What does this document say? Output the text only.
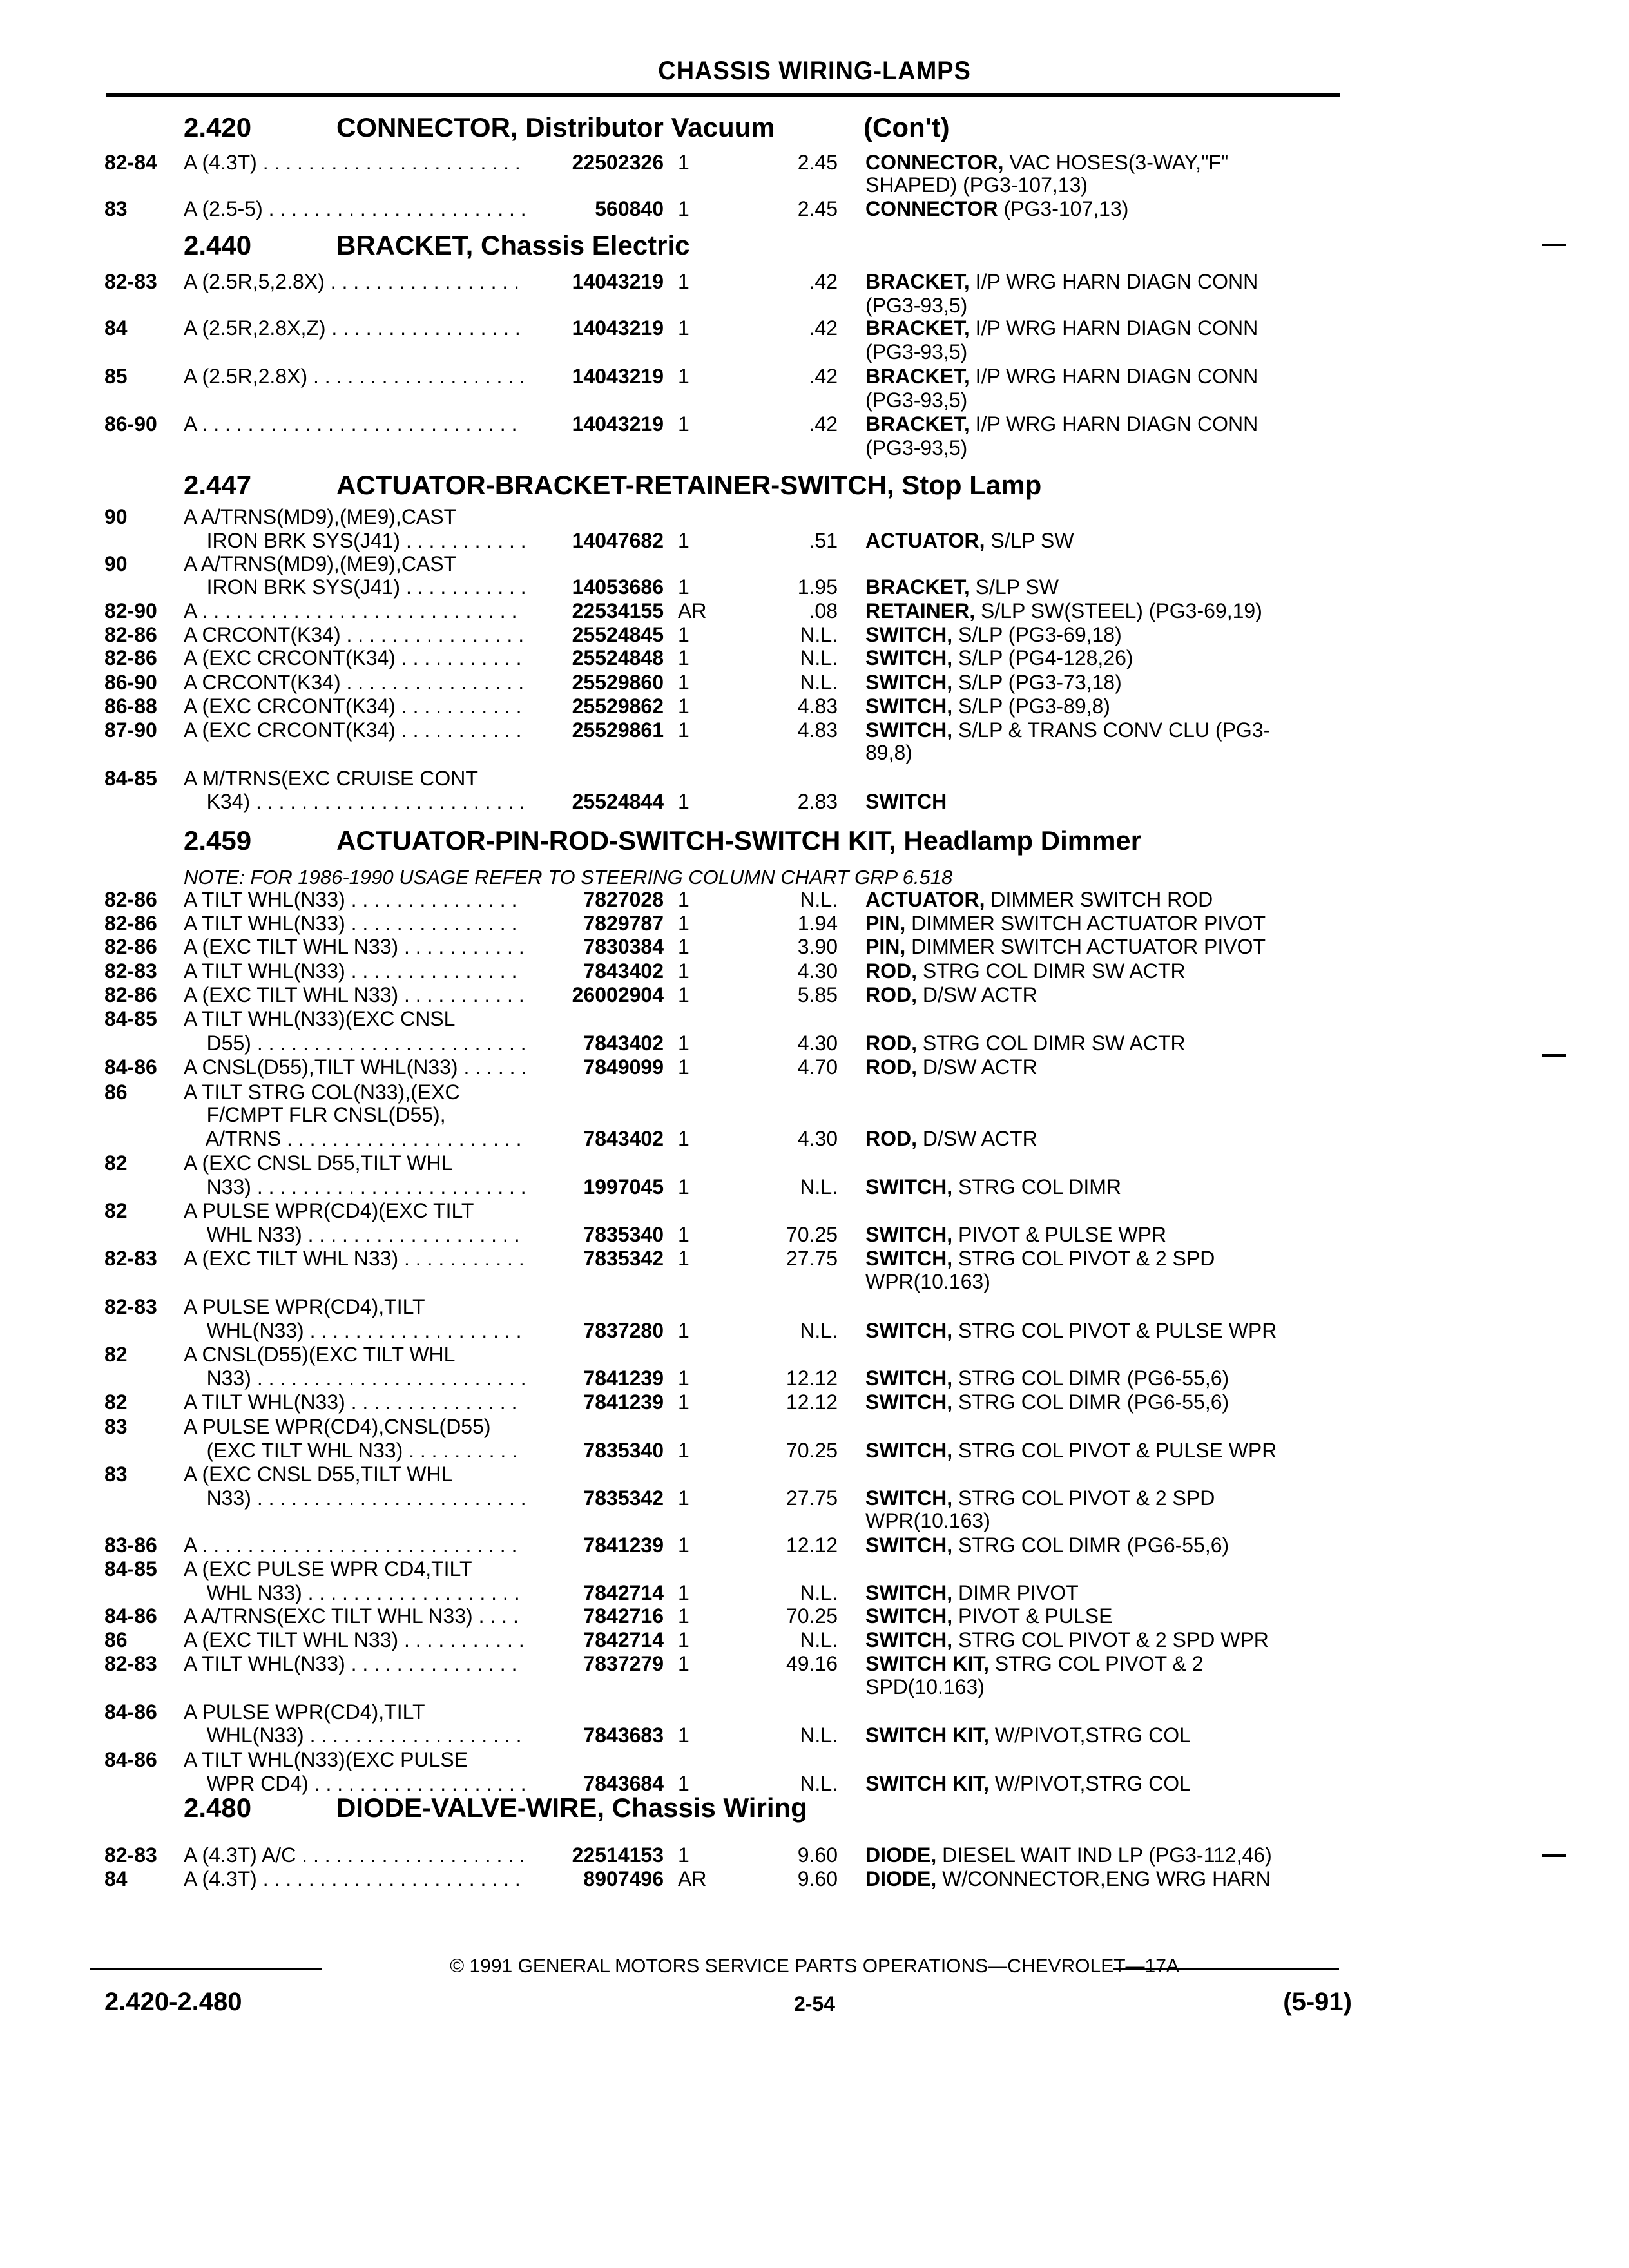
CHASSIS WIRING-LAMPS
2.420	CONNECTOR, Distributor Vacuum	(Con't)
2.440	BRACKET, Chassis Electric
2.447	ACTUATOR-BRACKET-RETAINER-SWITCH, Stop Lamp
2.459	ACTUATOR-PIN-ROD-SWITCH-SWITCH KIT, Headlamp Dimmer
2.480	DIODE-VALVE-WIRE, Chassis Wiring
NOTE: FOR 1986-1990 USAGE REFER TO STEERING COLUMN CHART GRP 6.518
82-84 A (4.3T) . . .	22502326 1	2.45 CONNECTOR, VAC HOSES(3-WAY,"F"
SHAPED) (PG3-107,13)
83	A (2.5-5) . . .	560840 1	2.45 CONNECTOR (PG3-107,13)
82-83 A (2.5R,5,2.8X) . . .	14043219 1	.42 BRACKET, I/P WRG HARN DIAGN CONN
(PG3-93,5)
84	A (2.5R,2.8X,Z) . . .	14043219 1	.42 BRACKET, I/P WRG HARN DIAGN CONN
(PG3-93,5)
85	A (2.5R,2.8X) . . .	14043219 1	.42 BRACKET, I/P WRG HARN DIAGN CONN
(PG3-93,5)
86-90 A . . .	14043219 1	.42 BRACKET, I/P WRG HARN DIAGN CONN
(PG3-93,5)
90	A A/TRNS(MD9),(ME9),CAST
IRON BRK SYS(J41) . . .	14047682 1	.51 ACTUATOR, S/LP SW
90	A A/TRNS(MD9),(ME9),CAST
IRON BRK SYS(J41) . . .	14053686 1	1.95 BRACKET, S/LP SW
82-90 A . . .	22534155 AR	.08 RETAINER, S/LP SW(STEEL) (PG3-69,19)
82-86 A CRCONT(K34) . . .	25524845 1	N.L. SWITCH, S/LP (PG3-69,18)
82-86 A (EXC CRCONT(K34) . . .	25524848 1	N.L. SWITCH, S/LP (PG4-128,26)
86-90 A CRCONT(K34) . . .	25529860 1	N.L. SWITCH, S/LP (PG3-73,18)
86-88 A (EXC CRCONT(K34) . . .	25529862 1	4.83 SWITCH, S/LP (PG3-89,8)
87-90 A (EXC CRCONT(K34) . . .	25529861 1	4.83 SWITCH, S/LP & TRANS CONV CLU (PG3-
89,8)
84-85 A M/TRNS(EXC CRUISE CONT
K34) . . .	25524844 1	2.83 SWITCH
82-86 A TILT WHL(N33) . . .	7827028 1	N.L. ACTUATOR, DIMMER SWITCH ROD
82-86 A TILT WHL(N33) . . .	7829787 1	1.94 PIN, DIMMER SWITCH ACTUATOR PIVOT
82-86 A (EXC TILT WHL N33) . . .	7830384 1	3.90 PIN, DIMMER SWITCH ACTUATOR PIVOT
82-83 A TILT WHL(N33) . . .	7843402 1	4.30 ROD, STRG COL DIMR SW ACTR
82-86 A (EXC TILT WHL N33) . . .	26002904 1	5.85 ROD, D/SW ACTR
84-85 A TILT WHL(N33)(EXC CNSL
D55) . . .	7843402 1	4.30 ROD, STRG COL DIMR SW ACTR
84-86 A CNSL(D55),TILT WHL(N33) . . .	7849099 1	4.70 ROD, D/SW ACTR
86	A TILT STRG COL(N33),(EXC
F/CMPT FLR CNSL(D55),
A/TRNS . . .	7843402 1	4.30 ROD, D/SW ACTR
82	A (EXC CNSL D55,TILT WHL
N33) . . .	1997045 1	N.L. SWITCH, STRG COL DIMR
82	A PULSE WPR(CD4)(EXC TILT
WHL N33) . . .	7835340 1	70.25 SWITCH, PIVOT & PULSE WPR
82-83 A (EXC TILT WHL N33) . . .	7835342 1	27.75 SWITCH, STRG COL PIVOT & 2 SPD
WPR(10.163)
82-83 A PULSE WPR(CD4),TILT
WHL(N33) . . .	7837280 1	N.L. SWITCH, STRG COL PIVOT & PULSE WPR
82	A CNSL(D55)(EXC TILT WHL
N33) . . .	7841239 1	12.12 SWITCH, STRG COL DIMR (PG6-55,6)
82	A TILT WHL(N33) . . .	7841239 1	12.12 SWITCH, STRG COL DIMR (PG6-55,6)
83	A PULSE WPR(CD4),CNSL(D55)
(EXC TILT WHL N33) . . .	7835340 1	70.25 SWITCH, STRG COL PIVOT & PULSE WPR
83	A (EXC CNSL D55,TILT WHL
N33) . . .	7835342 1	27.75 SWITCH, STRG COL PIVOT & 2 SPD
WPR(10.163)
83-86 A . . .	7841239 1	12.12 SWITCH, STRG COL DIMR (PG6-55,6)
84-85 A (EXC PULSE WPR CD4,TILT
WHL N33) . . .	7842714 1	N.L. SWITCH, DIMR PIVOT
84-86 A A/TRNS(EXC TILT WHL N33) . . .	7842716 1	70.25 SWITCH, PIVOT & PULSE
86	A (EXC TILT WHL N33) . . .	7842714 1	N.L. SWITCH, STRG COL PIVOT & 2 SPD WPR
82-83 A TILT WHL(N33) . . .	7837279 1	49.16 SWITCH KIT, STRG COL PIVOT & 2
SPD(10.163)
84-86 A PULSE WPR(CD4),TILT
WHL(N33) . . .	7843683 1	N.L. SWITCH KIT, W/PIVOT,STRG COL
84-86 A TILT WHL(N33)(EXC PULSE
WPR CD4) . . .	7843684 1	N.L. SWITCH KIT, W/PIVOT,STRG COL
82-83 A (4.3T) A/C . . .	22514153 1	9.60 DIODE, DIESEL WAIT IND LP (PG3-112,46)
84	A (4.3T) . . .	8907496 AR	9.60 DIODE, W/CONNECTOR,ENG WRG HARN
© 1991 GENERAL MOTORS SERVICE PARTS OPERATIONS—CHEVROLET—17A
2.420-2.480	2-54	(5-91)
